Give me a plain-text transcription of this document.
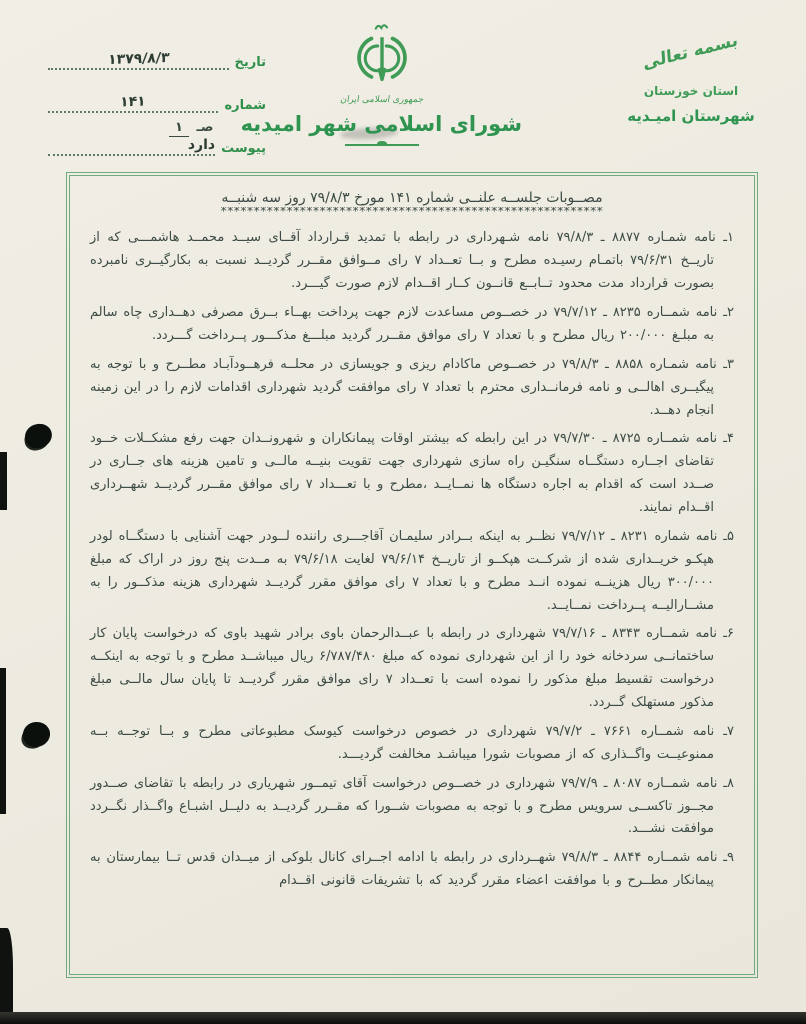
تاریخ
۱۳۷۹/۸/۳
شماره
۱۴۱
پیوست
دارد
جمهوری اسلامی ایران
شورای اسلامی شهر امیدیه صـ ۱
بسمه تعالی
استان خوزستان
شهرستان امیـدیه
مصــوبات جلســه علنــی شماره ۱۴۱ مورخ ۷۹/۸/۳ روز سه شنبــه
**********************************************************

۱ـ نامه شمـاره ۸۸۷۷ ـ ۷۹/۸/۳ نامه شـهرداری در رابطه با تمدید قـرارداد آقــای سیــد محمــد هاشمـــی که از تاریــخ ۷۹/۶/۳۱ باتمـام رسیـده مطرح و بــا تعــداد ۷ رای مــوافق مقــرر گردیــد نسبت به بکارگیــری نامبرده بصورت قرارداد مدت محدود تــابــع قانــون کــار اقــدام لازم صورت گیـــرد.

۲ـ نامه شمــاره ۸۲۳۵ ـ ۷۹/۷/۱۲ در خصــوص مساعدت لازم جهت پرداخت بهــاء بــرق مصرفی دهــداری چاه سالم به مبلـغ ۲۰۰/۰۰۰ ریال مطرح و با تعداد ۷ رای موافق مقــرر گردید مبلـــغ مذکـــور پــرداخت گـــردد.

۳ـ نامه شمـاره ۸۸۵۸ ـ ۷۹/۸/۳ در خصــوص ماکادام ریزی و جویسازی در محلــه فرهــودآبـاد مطــرح و با توجه به پیگیــری اهالــی و نامه فرمانــداری محترم با تعداد ۷ رای موافقت گردید شهرداری اقدامات لازم را در این زمینه انجام دهــد.

۴ـ نامه شمــاره ۸۷۲۵ ـ ۷۹/۷/۳۰ در این رابطه که بیشتر اوقات پیمانکاران و شهرونــدان جهت رفع مشکــلات خــود تقاضای اجــاره دستگــاه سنگیـن راه سازی شهرداری جهت تقویت بنیــه مالــی و تامین هزینه های جــاری در صــدد است که اقدام به اجاره دستگاه ها نمــایــد ،مطرح و با تعـــداد ۷ رای موافق مقــرر گردیــد شهــرداری اقــدام نمایند.

۵ـ نامه شماره ۸۲۳۱ ـ ۷۹/۷/۱۲ نظــر به اینکه بــرادر سلیمـان آقاجـــری راننده لــودر جهت آشنایی با دستگــاه لودر هپکـو خریــداری شده از شرکــت هپکــو از تاریــخ ۷۹/۶/۱۴ لغایت ۷۹/۶/۱۸ به مــدت پنج روز در اراک که مبلغ ۳۰۰/۰۰۰ ریال هزینــه نموده انــد مطرح و با تعداد ۷ رای موافق مقرر گردیــد شهرداری هزینه مذکــور را به مشــارالیــه پــرداخت نمــایــد.

۶ـ نامه شمــاره ۸۳۴۳ ـ ۷۹/۷/۱۶ شهرداری در رابطه با عبــدالرحمان باوی برادر شهید باوی که درخواست پایان کار ساختمانــی سردخانه خود را از این شهرداری نموده که مبلغ ۶/۷۸۷/۴۸۰ ریال میباشــد مطرح و با توجه به اینکــه درخواست تقسیط مبلغ مذکور را نموده است با تعــداد ۷ رای موافق مقرر گردیــد تا پایان سال مالــی مبلغ مذکور مستهلک گــردد.

۷ـ نامه شمــاره ۷۶۶۱ ـ ۷۹/۷/۲ شهرداری در خصوص درخواست کیوسک مطبوعاتی مطرح و بــا توجــه بــه ممنوعیــت واگــذاری که از مصوبات شورا میباشـد مخالفت گردیـــد.

۸ـ نامه شمــاره ۸۰۸۷ ـ ۷۹/۷/۹ شهرداری در خصــوص درخواست آقای تیمــور شهریاری در رابطه با تقاضای صــدور مجــوز تاکســی سرویس مطرح و با توجه به مصوبات شــورا که مقــرر گردیــد به دلیــل اشبـاع واگــذار نگــردد موافقت نشـــد.

۹ـ نامه شمــاره ۸۸۴۴ ـ ۷۹/۸/۳ شهــرداری در رابطه با ادامه اجــرای کانال بلوکی از میــدان قدس تــا بیمارستان به پیمانکار مطــرح و با موافقت اعضاء مقرر گردید که با تشریفات قانونی اقــدام
